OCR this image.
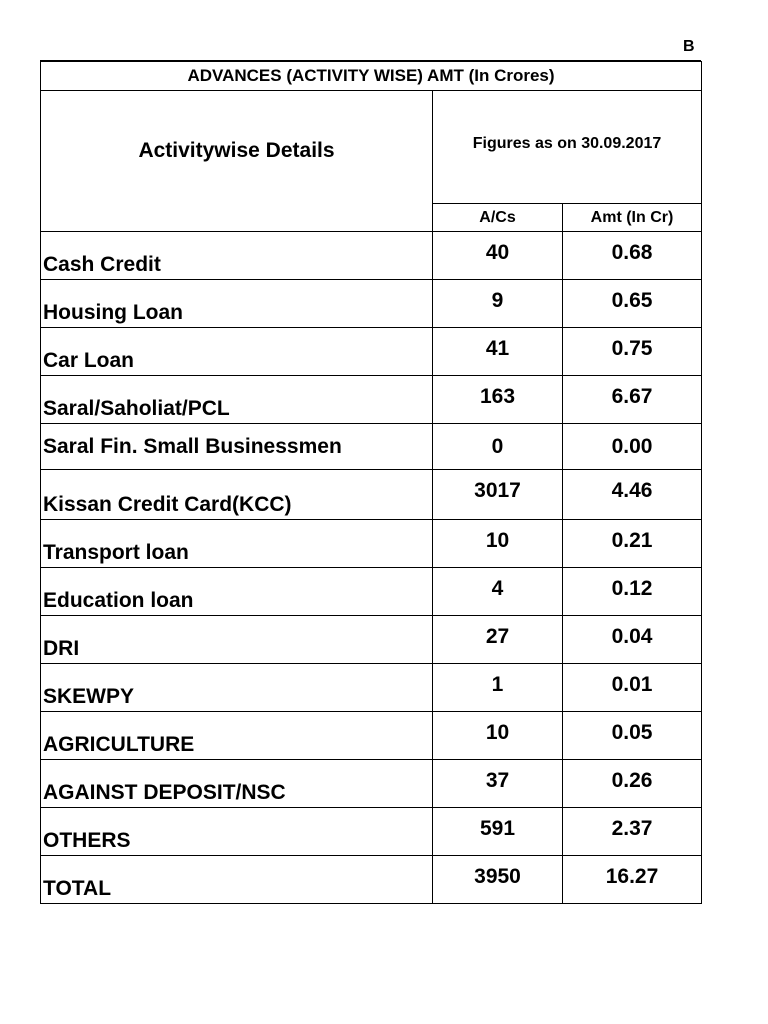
B
ADVANCES (ACTIVITY WISE) AMT (In Crores)		
Activitywise Details	Figures as on 30.09.2017	
	A/Cs	Amt (In Cr)
Cash Credit	40	0.68
Housing Loan	9	0.65
Car Loan	41	0.75
Saral/Saholiat/PCL	163	6.67
Saral Fin. Small Businessmen	0	0.00
Kissan Credit Card(KCC)	3017	4.46
Transport loan	10	0.21
Education loan	4	0.12
DRI	27	0.04
SKEWPY	1	0.01
AGRICULTURE	10	0.05
AGAINST DEPOSIT/NSC	37	0.26
OTHERS	591	2.37
TOTAL	3950	16.27
